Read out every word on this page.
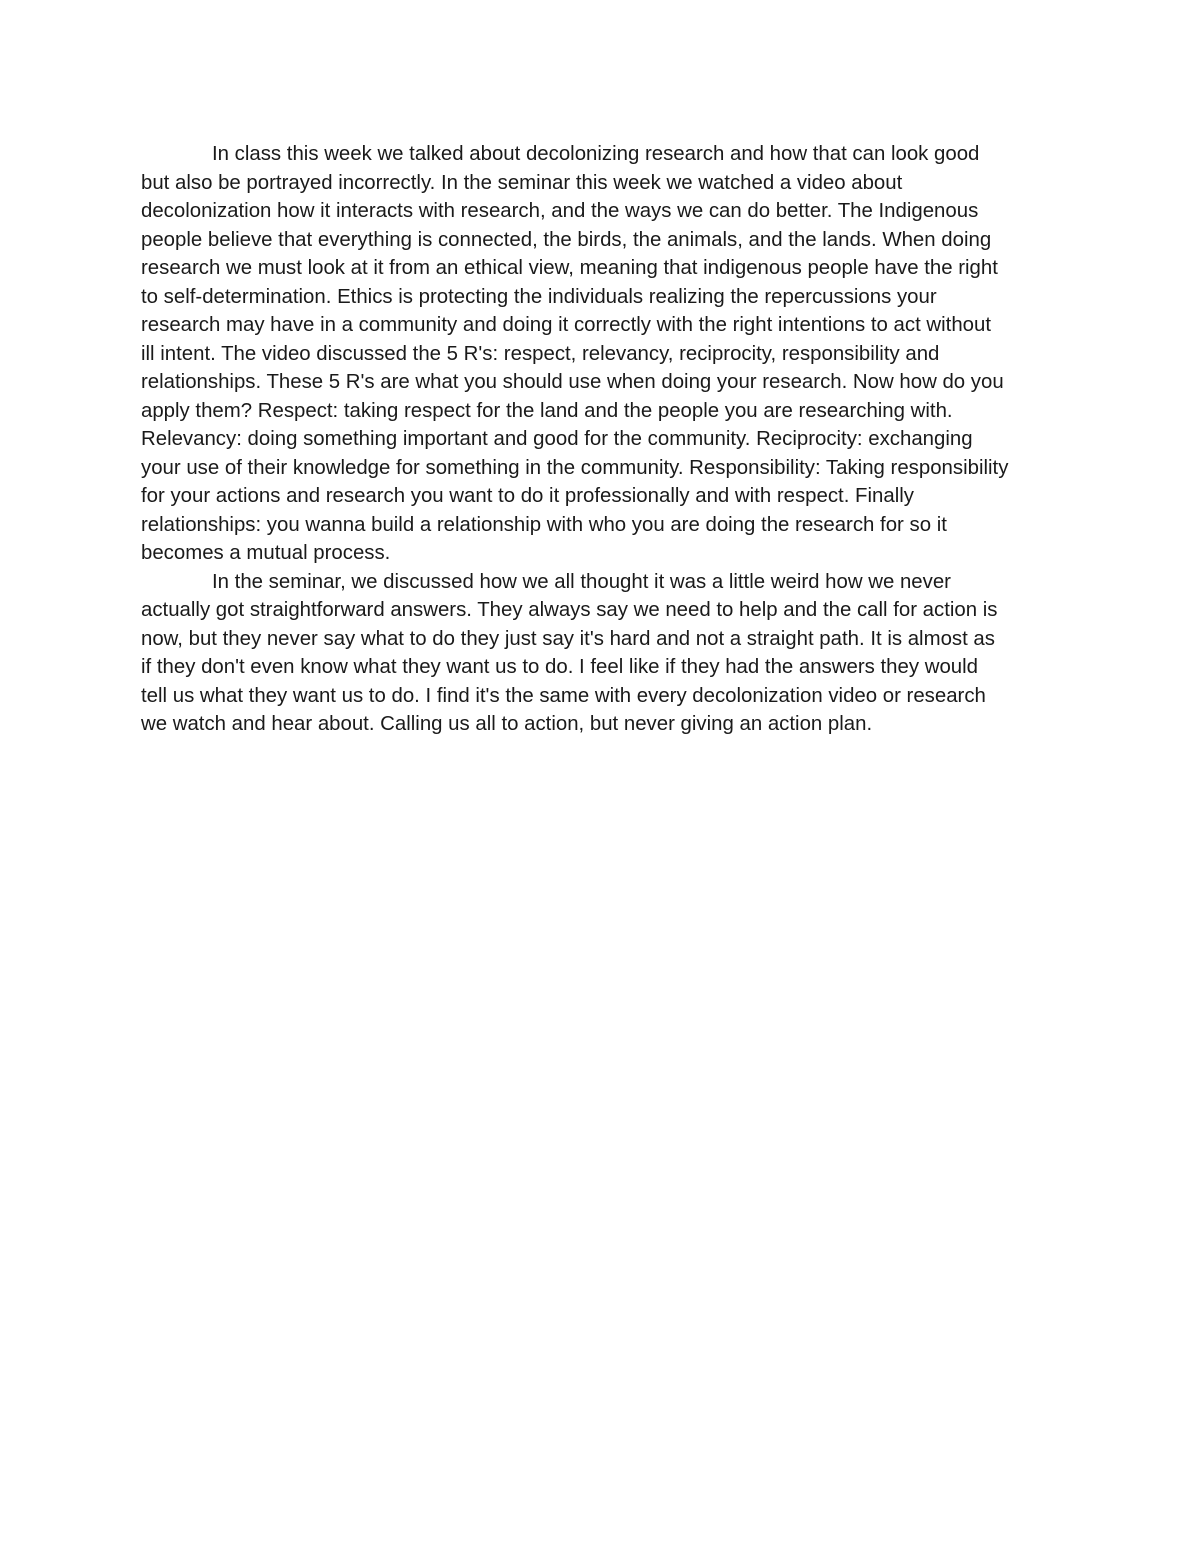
In class this week we talked about decolonizing research and how that can look good
but also be portrayed incorrectly. In the seminar this week we watched a video about
decolonization how it interacts with research, and the ways we can do better. The Indigenous
people believe that everything is connected, the birds, the animals, and the lands. When doing
research we must look at it from an ethical view, meaning that indigenous people have the right
to self-determination. Ethics is protecting the individuals realizing the repercussions your
research may have in a community and doing it correctly with the right intentions to act without
ill intent. The video discussed the 5 R's: respect, relevancy, reciprocity, responsibility and
relationships. These 5 R's are what you should use when doing your research. Now how do you
apply them? Respect: taking respect for the land and the people you are researching with.
Relevancy: doing something important and good for the community. Reciprocity: exchanging
your use of their knowledge for something in the community. Responsibility: Taking responsibility
for your actions and research you want to do it professionally and with respect. Finally
relationships: you wanna build a relationship with who you are doing the research for so it
becomes a mutual process.
In the seminar, we discussed how we all thought it was a little weird how we never
actually got straightforward answers. They always say we need to help and the call for action is
now, but they never say what to do they just say it's hard and not a straight path. It is almost as
if they don't even know what they want us to do. I feel like if they had the answers they would
tell us what they want us to do. I find it's the same with every decolonization video or research
we watch and hear about. Calling us all to action, but never giving an action plan.
